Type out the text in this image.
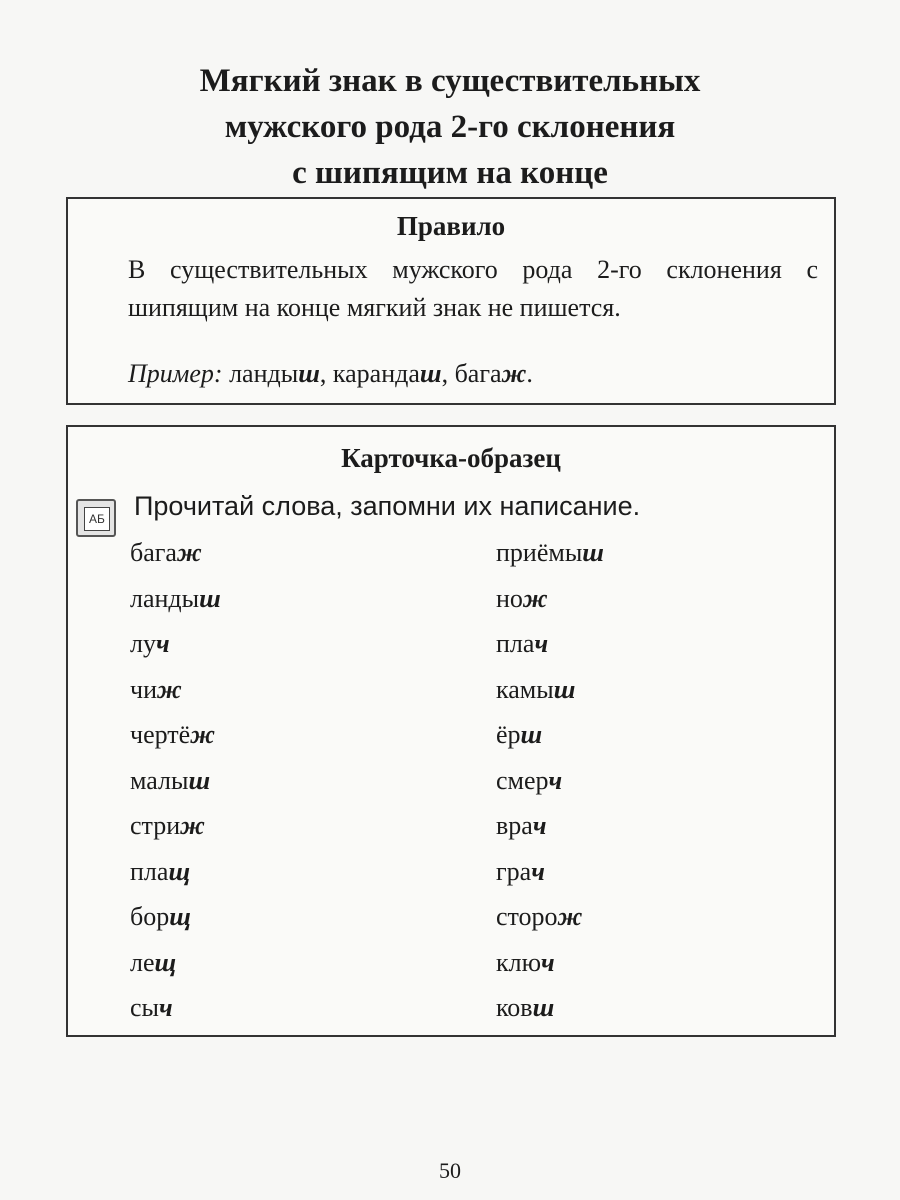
Мягкий знак в существительных
мужского рода 2-го склонения
с шипящим на конце
Правило
В существительных мужского рода 2-го склонения с шипящим на конце мягкий знак не пишется.
Пример: ландыш, карандаш, багаж.
Карточка-образец
АБ Прочитай слова, запомни их написание.
багаж
ландыш
луч
чиж
чертёж
малыш
стриж
плащ
борщ
лещ
сыч
приёмыш
нож
плач
камыш
ёрш
смерч
врач
грач
сторож
ключ
ковш
50
